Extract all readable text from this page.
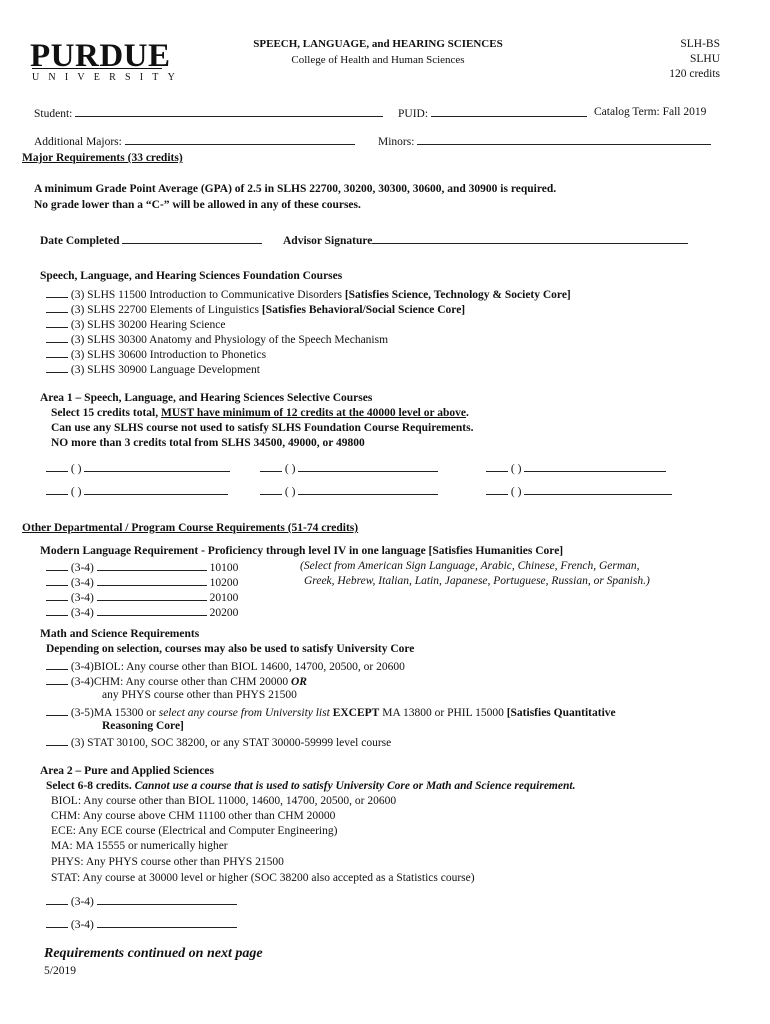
PURDUE
UNIVERSITY
SPEECH, LANGUAGE, and HEARING SCIENCES
College of Health and Human Sciences
SLH-BS
SLHU
120 credits
Student:	PUID:	Catalog Term: Fall 2019
Additional Majors:	Minors:
Major Requirements (33 credits)
A minimum Grade Point Average (GPA) of 2.5 in SLHS 22700, 30200, 30300, 30600, and 30900 is required.
No grade lower than a “C-” will be allowed in any of these courses.
Date Completed	Advisor Signature
Speech, Language, and Hearing Sciences Foundation Courses
(3) SLHS 11500 Introduction to Communicative Disorders [Satisfies Science, Technology & Society Core]
(3) SLHS 22700 Elements of Linguistics [Satisfies Behavioral/Social Science Core]
(3) SLHS 30200 Hearing Science
(3) SLHS 30300 Anatomy and Physiology of the Speech Mechanism
(3) SLHS 30600 Introduction to Phonetics
(3) SLHS 30900 Language Development
Area 1 – Speech, Language, and Hearing Sciences Selective Courses
Select 15 credits total, MUST have minimum of 12 credits at the 40000 level or above.
Can use any SLHS course not used to satisfy SLHS Foundation Course Requirements.
NO more than 3 credits total from SLHS 34500, 49000, or 49800
( )	( )	( )
( )	( )	( )
Other Departmental / Program Course Requirements (51-74 credits)
Modern Language Requirement - Proficiency through level IV in one language [Satisfies Humanities Core]
(3-4)	10100
(3-4)	10200
(3-4)	20100
(3-4)	20200
(Select from American Sign Language, Arabic, Chinese, French, German,
Greek, Hebrew, Italian, Latin, Japanese, Portuguese, Russian, or Spanish.)
Math and Science Requirements
Depending on selection, courses may also be used to satisfy University Core
(3-4)BIOL: Any course other than BIOL 14600, 14700, 20500, or 20600
(3-4)CHM: Any course other than CHM 20000 OR
any PHYS course other than PHYS 21500
(3-5)MA 15300 or select any course from University list EXCEPT MA 13800 or PHIL 15000 [Satisfies Quantitative
Reasoning Core]
(3) STAT 30100, SOC 38200, or any STAT 30000-59999 level course
Area 2 – Pure and Applied Sciences
Select 6-8 credits. Cannot use a course that is used to satisfy University Core or Math and Science requirement.
BIOL: Any course other than BIOL 11000, 14600, 14700, 20500, or 20600
CHM: Any course above CHM 11100 other than CHM 20000
ECE: Any ECE course (Electrical and Computer Engineering)
MA: MA 15555 or numerically higher
PHYS: Any PHYS course other than PHYS 21500
STAT: Any course at 30000 level or higher (SOC 38200 also accepted as a Statistics course)
(3-4)
(3-4)
Requirements continued on next page
5/2019
